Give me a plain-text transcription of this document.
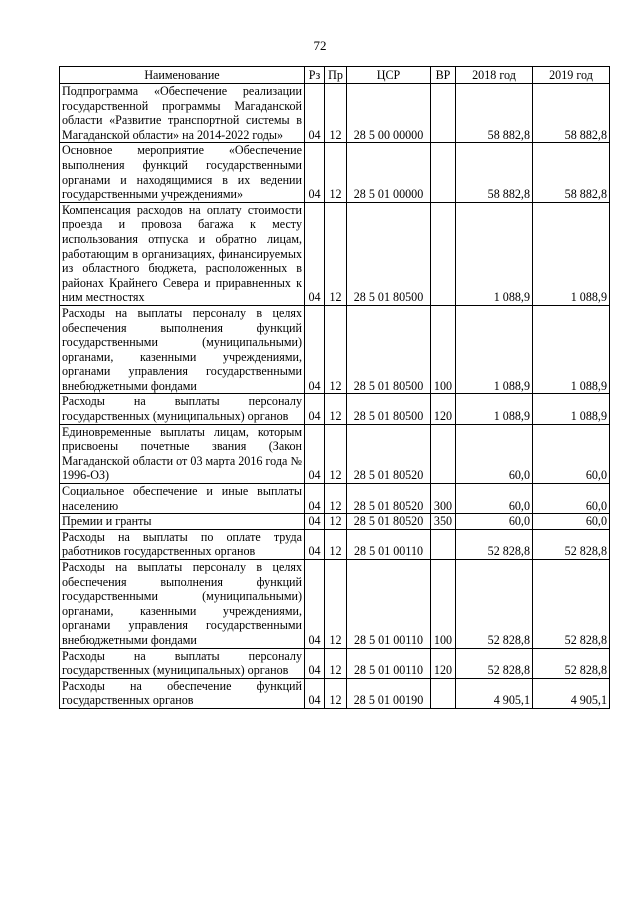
72
Наименование	Рз	Пр	ЦСР	ВР	2018 год	2019 год
Подпрограмма «Обеспечение реализации государственной программы Магаданской области «Развитие транспортной системы в Магаданской области» на 2014-2022 годы»	04	12	28 5 00 00000		58 882,8	58 882,8
Основное мероприятие «Обеспечение выполнения функций государственными органами и находящимися в их ведении государственными учреждениями»	04	12	28 5 01 00000		58 882,8	58 882,8
Компенсация расходов на оплату стоимости проезда и провоза багажа к месту использования отпуска и обратно лицам, работающим в организациях, финансируемых из областного бюджета, расположенных в районах Крайнего Севера и приравненных к ним местностях	04	12	28 5 01 80500		1 088,9	1 088,9
Расходы на выплаты персоналу в целях обеспечения выполнения функций государственными (муниципальными) органами, казенными учреждениями, органами управления государственными внебюджетными фондами	04	12	28 5 01 80500	100	1 088,9	1 088,9
Расходы на выплаты персоналу государственных (муниципальных) органов	04	12	28 5 01 80500	120	1 088,9	1 088,9
Единовременные выплаты лицам, которым присвоены почетные звания (Закон Магаданской области от 03 марта 2016 года № 1996-ОЗ)	04	12	28 5 01 80520		60,0	60,0
Социальное обеспечение и иные выплаты населению	04	12	28 5 01 80520	300	60,0	60,0
Премии и гранты	04	12	28 5 01 80520	350	60,0	60,0
Расходы на выплаты по оплате труда работников государственных органов	04	12	28 5 01 00110		52 828,8	52 828,8
Расходы на выплаты персоналу в целях обеспечения выполнения функций государственными (муниципальными) органами, казенными учреждениями, органами управления государственными внебюджетными фондами	04	12	28 5 01 00110	100	52 828,8	52 828,8
Расходы на выплаты персоналу государственных (муниципальных) органов	04	12	28 5 01 00110	120	52 828,8	52 828,8
Расходы на обеспечение функций государственных органов	04	12	28 5 01 00190		4 905,1	4 905,1
